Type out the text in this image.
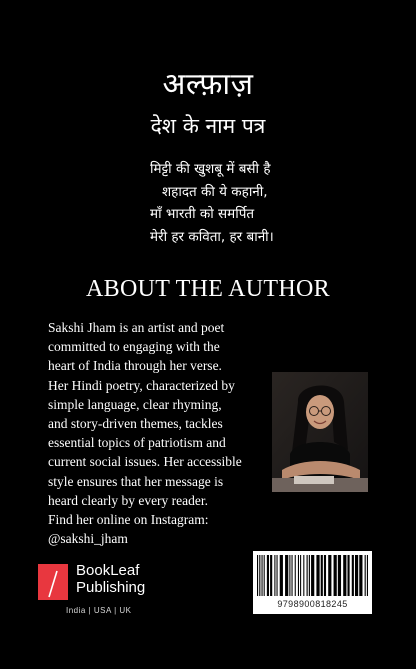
अल्फ़ाज़
देश के नाम पत्र
मिट्टी की खुशबू में बसी है
शहादत की ये कहानी,
माँ भारती को समर्पित
मेरी हर कविता, हर बानी।
ABOUT THE AUTHOR
Sakshi Jham is an artist and poet
committed to engaging with the
heart of India through her verse.
Her Hindi poetry, characterized by
simple language, clear rhyming,
and story-driven themes, tackles
essential topics of patriotism and
current social issues. Her accessible
style ensures that her message is
heard clearly by every reader.
Find her online on Instagram:
@sakshi_jham
BookLeaf
Publishing
India | USA | UK
9798900818245
